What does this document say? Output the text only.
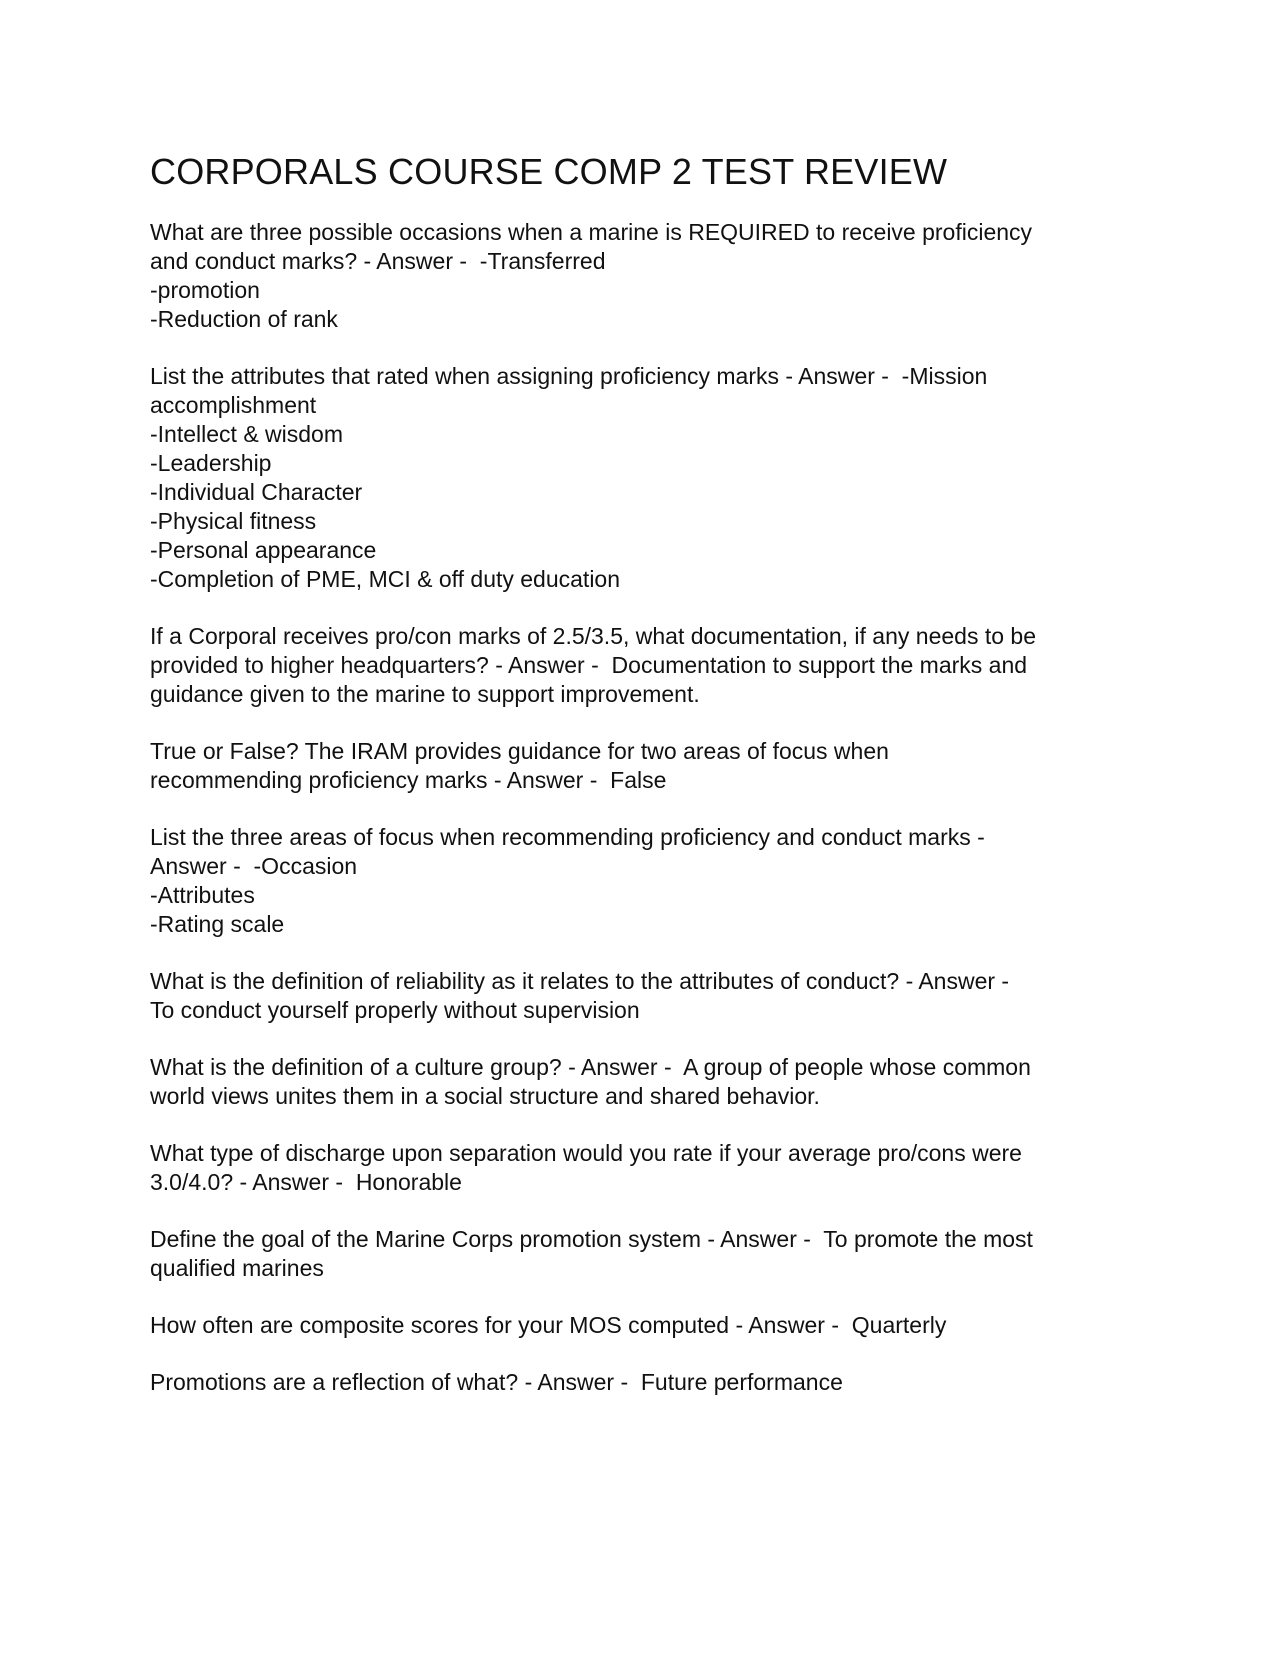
CORPORALS COURSE COMP 2 TEST REVIEW
What are three possible occasions when a marine is REQUIRED to receive proficiency
and conduct marks? - Answer -  -Transferred
-promotion
-Reduction of rank
List the attributes that rated when assigning proficiency marks - Answer -  -Mission
accomplishment
-Intellect & wisdom
-Leadership
-Individual Character
-Physical fitness
-Personal appearance
-Completion of PME, MCI & off duty education
If a Corporal receives pro/con marks of 2.5/3.5, what documentation, if any needs to be
provided to higher headquarters? - Answer -  Documentation to support the marks and
guidance given to the marine to support improvement.
True or False? The IRAM provides guidance for two areas of focus when
recommending proficiency marks - Answer -  False
List the three areas of focus when recommending proficiency and conduct marks -
Answer -  -Occasion
-Attributes
-Rating scale
What is the definition of reliability as it relates to the attributes of conduct? - Answer -
To conduct yourself properly without supervision
What is the definition of a culture group? - Answer -  A group of people whose common
world views unites them in a social structure and shared behavior.
What type of discharge upon separation would you rate if your average pro/cons were
3.0/4.0? - Answer -  Honorable
Define the goal of the Marine Corps promotion system - Answer -  To promote the most
qualified marines
How often are composite scores for your MOS computed - Answer -  Quarterly
Promotions are a reflection of what? - Answer -  Future performance
